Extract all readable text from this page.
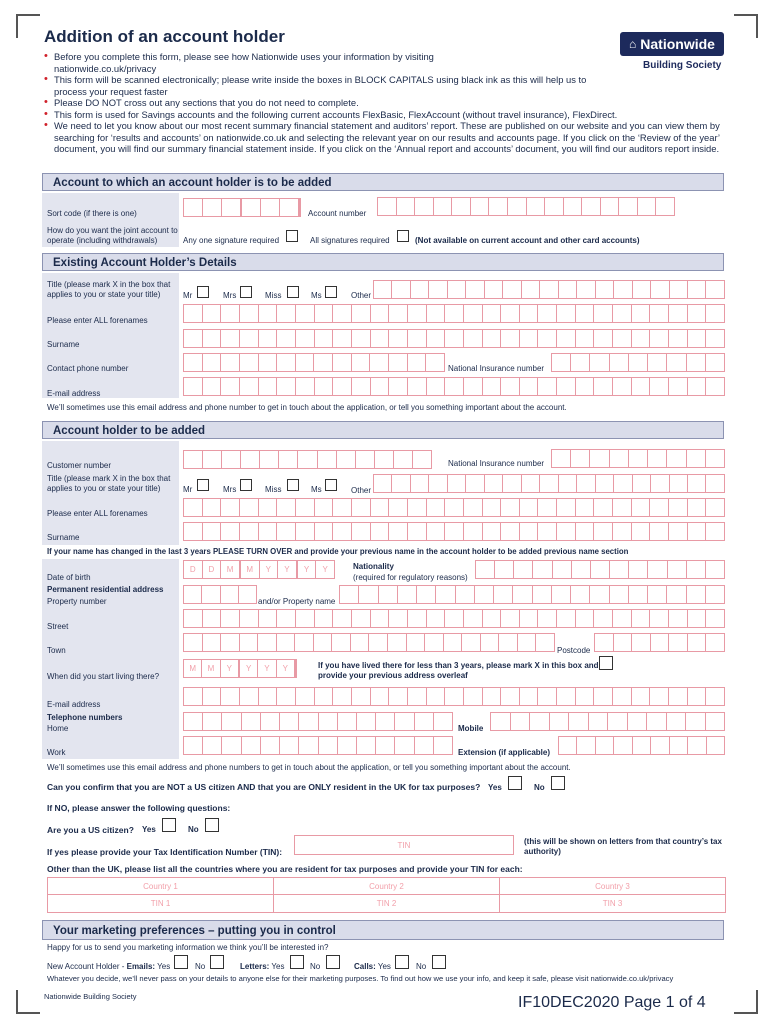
Addition of an account holder	⌂ Nationwide
Building Society
• Before you complete this form, please see how Nationwide uses your information by visiting nationwide.co.uk/privacy
• This form will be scanned electronically; please write inside the boxes in BLOCK CAPITALS using black ink as this will help us to process your request faster
• Please DO NOT cross out any sections that you do not need to complete.
• This form is used for Savings accounts and the following current accounts FlexBasic, FlexAccount (without travel insurance), FlexDirect.
• We need to let you know about our most recent summary financial statement and auditors’ report. These are published on our website and you can view them by searching for ‘results and accounts’ on nationwide.co.uk and selecting the relevant year on our results and accounts page. If you click on the ‘Review of the year’ document, you will find our summary financial statement inside. If you click on the ‘Annual report and accounts’ document, you will find our auditors report inside.
Account to which an account holder is to be added
Sort code (if there is one)	Account number
How do you want the joint account to operate (including withdrawals)	Any one signature required	All signatures required	(Not available on current account and other card accounts)
Existing Account Holder’s Details
Title (please mark X in the box that applies to you or state your title)	Mr	Mrs	Miss	Ms	Other
Please enter ALL forenames
Surname
Contact phone number	National Insurance number
E-mail address
We’ll sometimes use this email address and phone number to get in touch about the application, or tell you something important about the account.
Account holder to be added
Customer number	National Insurance number
Title (please mark X in the box that applies to you or state your title)	Mr	Mrs	Miss	Ms	Other
Please enter ALL forenames
Surname
If your name has changed in the last 3 years PLEASE TURN OVER and provide your previous name in the account holder to be added previous name section
Date of birth
D	D	M	M	Y	Y	Y	Y	Nationality
(required for regulatory reasons)
Permanent residential address
Property number	and/or Property name
Street
Town	Postcode
When did you start living there?
M	M	Y	Y	Y	Y	If you have lived there for less than 3 years, please mark X in this box and provide your previous address overleaf
E-mail address
Telephone numbers
Home	Mobile
Work	Extension (if applicable)
We’ll sometimes use this email address and phone numbers to get in touch about the application, or tell you something important about the account.
Can you confirm that you are NOT a US citizen AND that you are ONLY resident in the UK for tax purposes? Yes	No
If NO, please answer the following questions:
Are you a US citizen? Yes	No
If yes please provide your Tax Identification Number (TIN):
TIN	(this will be shown on letters from that country’s tax authority)
Other than the UK, please list all the countries where you are resident for tax purposes and provide your TIN for each:
Country 1	Country 2	Country 3
TIN 1	TIN 2	TIN 3
Your marketing preferences – putting you in control
Happy for us to send you marketing information we think you’ll be interested in?
New Account Holder - Emails: Yes	No	Letters: Yes	No	Calls: Yes	No
Whatever you decide, we’ll never pass on your details to anyone else for their marketing purposes. To find out how we use your info, and keep it safe, please visit nationwide.co.uk/privacy
Nationwide Building Society	IF10DEC2020 Page 1 of 4
